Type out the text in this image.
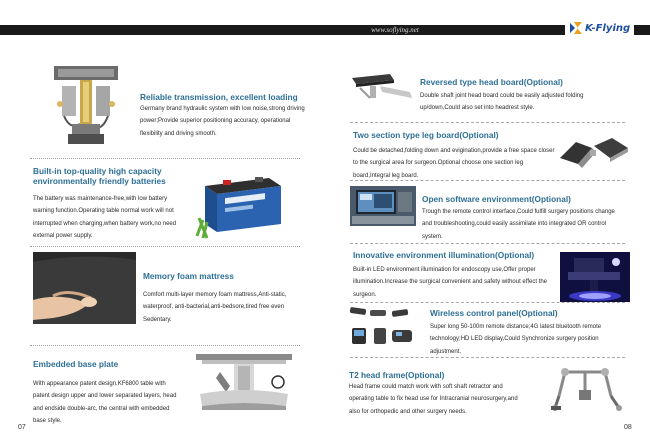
www.soflying.net	K-Flying
Reliable transmission, excellent loading
Germany brand hydraulic system with low noise,strong driving power;Provide superior positioning accuracy, operational flexibility and driving smooth.
Built-in top-quality high capacity
environmentally friendly batteries
The battery was maintenance-free,with low battery warning function.Operating table normal work will not interrupted when charging,when battery work,no need external power supply.
Memory foam mattress
Comfort multi-layer memory foam mattress,Anti-static, waterproof, anti-bacterial,anti-bedsore,tired free even Sedentary.
Embedded base plate
With appearance patent design,KF6800 table with patent design upper and lower separated layers, head and endside double-arc, the central with embedded base style.
07
Reversed type head board(Optional)
Double shaft joint head board could be easily adjusted folding up/down,Could also set into headrest style.
Two section type leg board(Optional)
Could be detached,folding down and evigination,provide a free space closer to the surgical area for surgeon.Optional choose one section leg board,Integral leg board.
Open software environment(Optional)
Trough the remote control interface,Could fulfill surgery positions change and troubleshooting,could easily assimilate into integrated OR control system.
Innovative environment illumination(Optional)
Built-in LED environment illumination for endoscopy use,Offer proper illumination.Increase the surgical convenient and safety without effect the surgeon.
Wireless control panel(Optional)
Super long 50-100m remote distance;4G latest bluetooth remote technology;HD LED display,Could Synchronize surgery position adjustment.
T2 head frame(Optional)
Head frame could match work with soft shaft retractor and operating table to fix head use for Intracranial neurosurgery,and also for orthopedic and other surgery needs.
08
